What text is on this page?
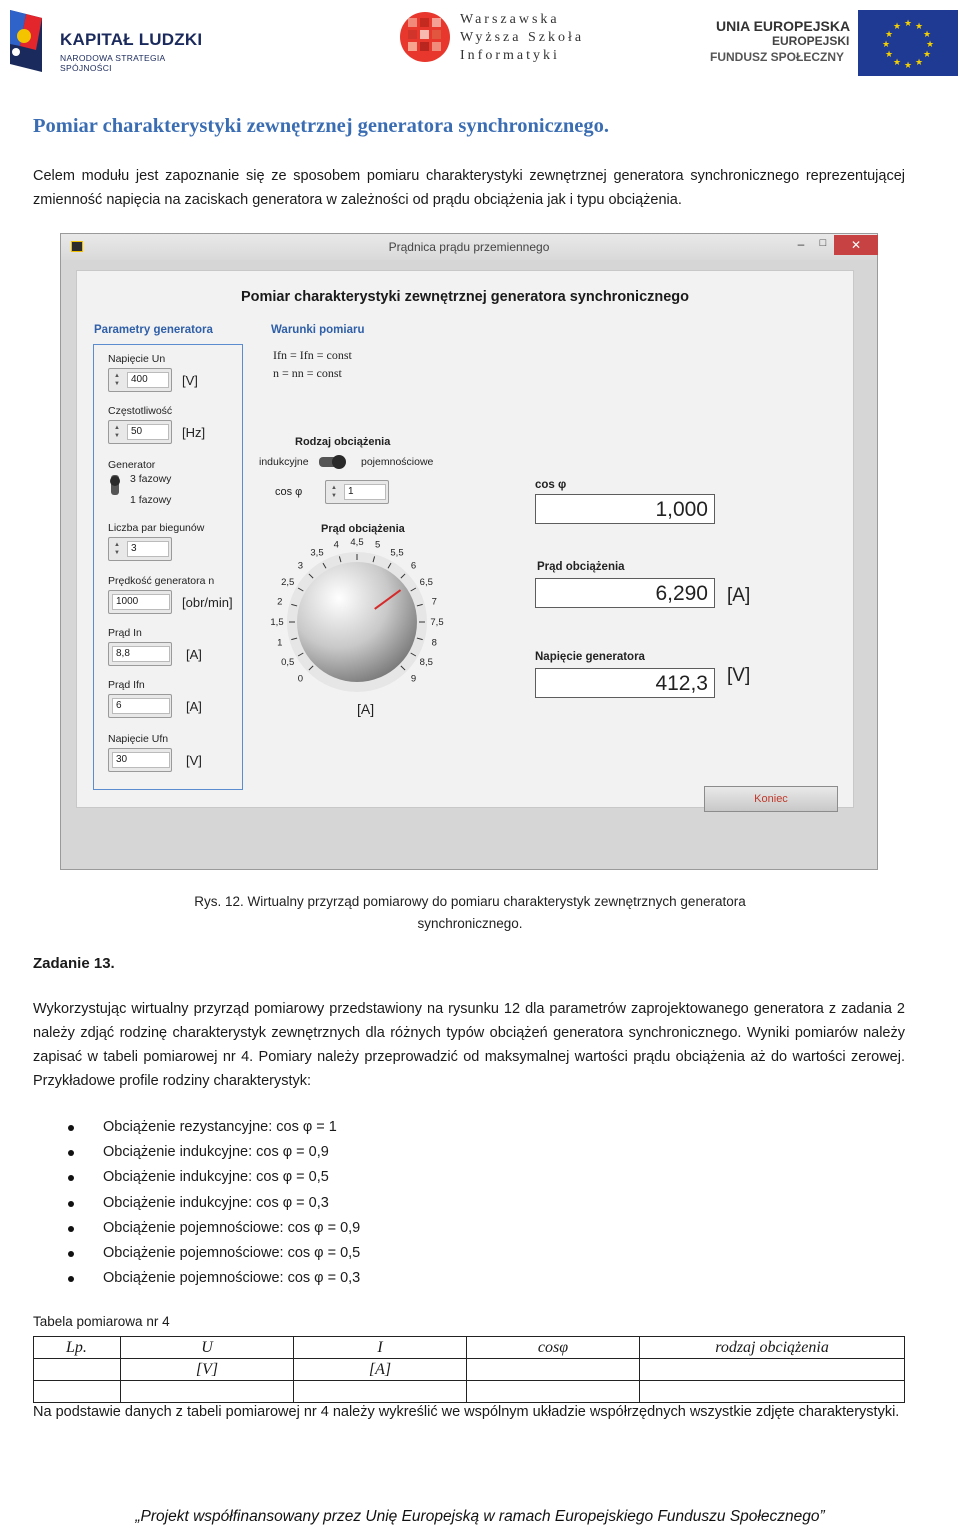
KAPITAŁ LUDZKI
NARODOWA STRATEGIA SPÓJNOŚCI
Warszawska
Wyższa Szkoła
Informatyki
UNIA EUROPEJSKA
EUROPEJSKI
FUNDUSZ SPOŁECZNY
★ ★
★
★
★
★
★
★
★
★
★
★
Pomiar charakterystyki zewnętrznej generatora synchronicznego.
Celem modułu jest zapoznanie się ze sposobem pomiaru charakterystyki zewnętrznej generatora synchronicznego reprezentującej zmienność napięcia na zaciskach generatora w zależności od prądu obciążenia jak i typu obciążenia.
Prądnica prądu przemiennego	–	□	✕
Pomiar charakterystyki zewnętrznej generatora synchronicznego
Parametry generatora	Warunki pomiaru
Ifn = Ifn = const
n = nn = const
Napięcie Un
▲
▼	400	[V]
Częstotliwość
▲
▼	50	[Hz]
Generator
3 fazowy
1 fazowy
Liczba par biegunów
▲
▼	3
Prędkość generatora n
1000	[obr/min]
Prąd In
8,8	[A]
Prąd Ifn
6	[A]
Napięcie Ufn
30	[V]
Rodzaj obciążenia
indukcyjne	pojemnościowe
cos φ	▲
▼	1
Prąd obciążenia
0
0,5
1
1,5
2
2,5
3
3,5
4 4,5 5
5,5
6
6,5
7
7,5
8
8,5
9
[A]
cos φ
1,000
Prąd obciążenia
6,290	[A]
Napięcie generatora
412,3	[V]
Koniec
Rys. 12. Wirtualny przyrząd pomiarowy do pomiaru charakterystyk zewnętrznych generatora
synchronicznego.
Zadanie 13.
Wykorzystując wirtualny przyrząd pomiarowy przedstawiony na rysunku 12 dla parametrów zaprojektowanego generatora z zadania 2 należy zdjąć rodzinę charakterystyk zewnętrznych dla różnych typów obciążeń generatora synchronicznego. Wyniki pomiarów należy zapisać w tabeli pomiarowej nr 4. Pomiary należy przeprowadzić od maksymalnej wartości prądu obciążenia aż do wartości zerowej. Przykładowe profile rodziny charakterystyk:
Obciążenie rezystancyjne: cos φ = 1
Obciążenie indukcyjne: cos φ = 0,9
Obciążenie indukcyjne: cos φ = 0,5
Obciążenie indukcyjne: cos φ = 0,3
Obciążenie pojemnościowe: cos φ = 0,9
Obciążenie pojemnościowe: cos φ = 0,5
Obciążenie pojemnościowe: cos φ = 0,3
Tabela pomiarowa nr 4
Lp.	U	I	cosφ	rodzaj obciążenia
	[V]	[A]		

Na podstawie danych z tabeli pomiarowej nr 4 należy wykreślić we wspólnym układzie współrzędnych wszystkie zdjęte charakterystyki.
„Projekt współfinansowany przez Unię Europejską w ramach Europejskiego Funduszu Społecznego”
